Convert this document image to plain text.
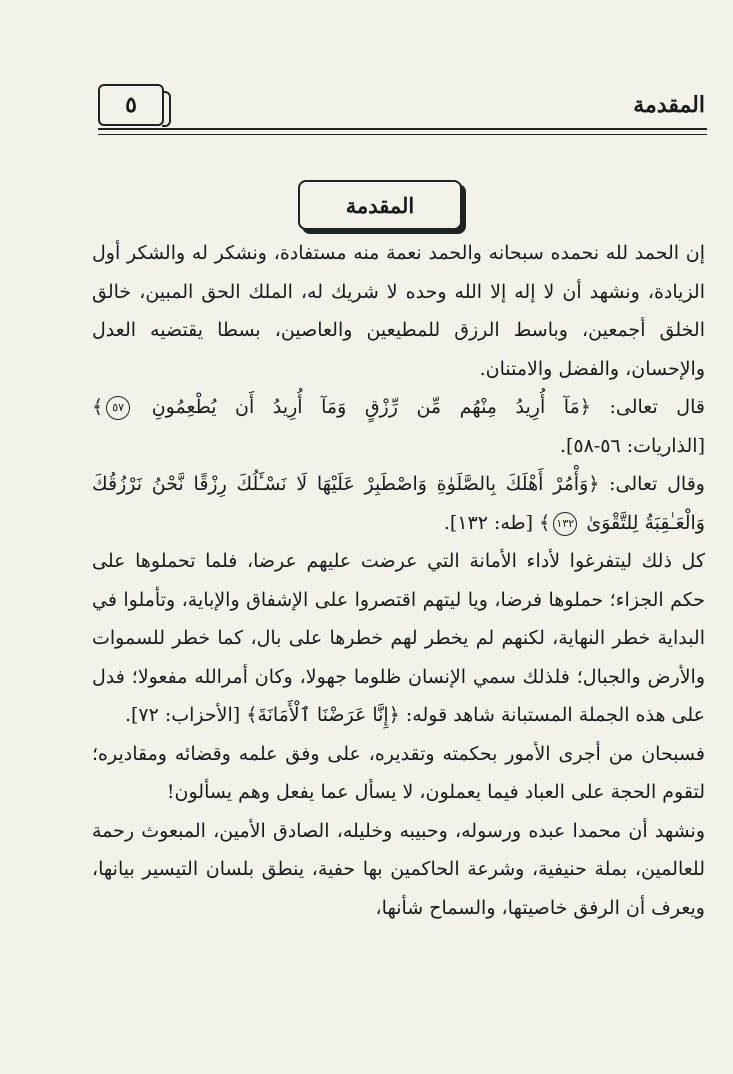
المقدمة
٥
المقدمة

إن الحمد لله نحمده سبحانه والحمد نعمة منه مستفادة، ونشكر له والشكر أول الزيادة، ونشهد أن لا إله إلا الله وحده لا شريك له، الملك الحق المبين، خالق الخلق أجمعين، وباسط الرزق للمطيعين والعاصين، بسطا يقتضيه العدل والإحسان، والفضل والامتنان.

قال تعالى: ﴿مَآ أُرِيدُ مِنْهُم مِّن رِّزْقٍ وَمَآ أُرِيدُ أَن يُطْعِمُونِ ٥٧﴾ [الذاريات: ٥٦-٥٨].

وقال تعالى: ﴿وَأْمُرْ أَهْلَكَ بِالصَّلَوٰةِ وَاصْطَبِرْ عَلَيْهَا لَا نَسْـَٔلُكَ رِزْقًا نَّحْنُ نَرْزُقُكَ وَالْعَـٰقِبَةُ لِلتَّقْوَىٰ ١٣٢﴾ [طه: ١٣٢].

كل ذلك ليتفرغوا لأداء الأمانة التي عرضت عليهم عرضا، فلما تحملوها على حكم الجزاء؛ حملوها فرضا، ويا ليتهم اقتصروا على الإشفاق والإباية، وتأملوا في البداية خطر النهاية، لكنهم لم يخطر لهم خطرها على بال، كما خطر للسموات والأرض والجبال؛ فلذلك سمي الإنسان ظلوما جهولا، وكان أمرالله مفعولا؛ فدل على هذه الجملة المستبانة شاهد قوله: ﴿إِنَّا عَرَضْنَا ٱلْأَمَانَةَ﴾ [الأحزاب: ٧٢].

فسبحان من أجرى الأمور بحكمته وتقديره، على وفق علمه وقضائه ومقاديره؛ لتقوم الحجة على العباد فيما يعملون، لا يسأل عما يفعل وهم يسألون!

ونشهد أن محمدا عبده ورسوله، وحبيبه وخليله، الصادق الأمين، المبعوث رحمة للعالمين، بملة حنيفية، وشرعة الحاكمين بها حفية، ينطق بلسان التيسير بيانها، ويعرف أن الرفق خاصيتها، والسماح شأنها،
